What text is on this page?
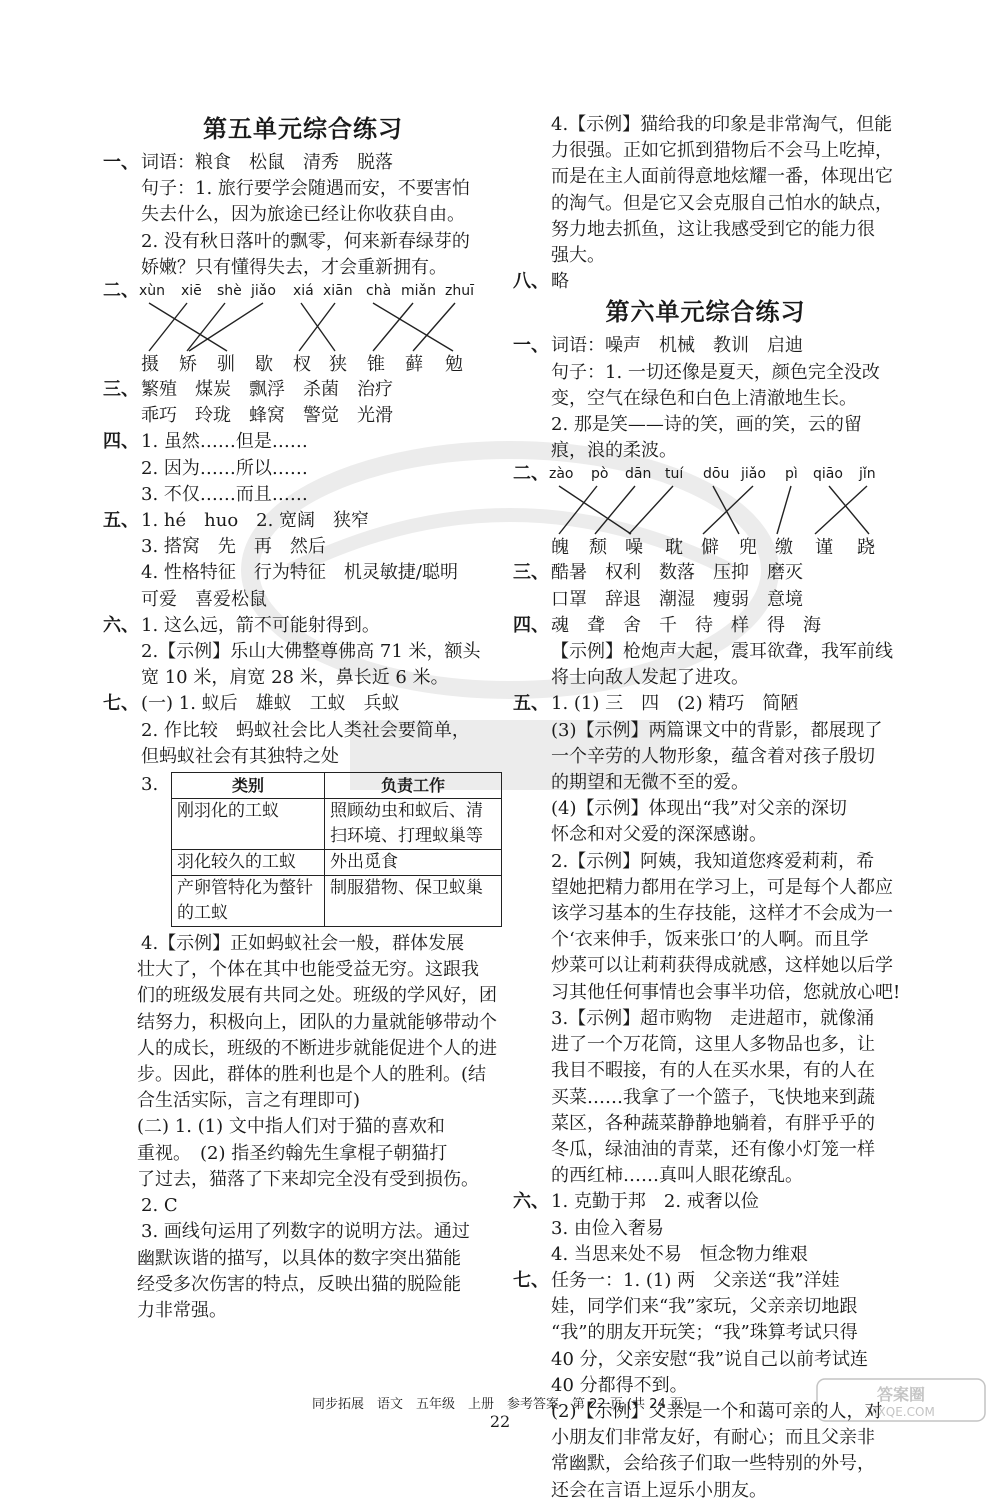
第五单元综合练习
一、 词语：粮食　松鼠　清秀　脱落
句子：1. 旅行要学会随遇而安，不要害怕
失去什么，因为旅途已经让你收获自由。
2. 没有秋日落叶的飘零，何来新春绿芽的
娇嫩？只有懂得失去，才会重新拥有。
二、 xùn xiē shè jiǎo xiá xiān chà miǎn zhuī
摄 矫 驯 歇 杈 狭 锥 藓 勉
三、 繁殖　煤炭　飘浮　杀菌　治疗
乖巧　玲珑　蜂窝　警觉　光滑
四、 1. 虽然……但是……
2. 因为……所以……
3. 不仅……而且……
五、 1. hé　huo　2. 宽阔　狭窄
3. 搭窝　先　再　然后
4. 性格特征　行为特征　机灵敏捷/聪明
可爱　喜爱松鼠
六、 1. 这么远，箭不可能射得到。
2.【示例】乐山大佛整尊佛高 71 米，额头
宽 10 米，肩宽 28 米，鼻长近 6 米。
七、 (一) 1. 蚁后　雄蚁　工蚁　兵蚁
2. 作比较　蚂蚁社会比人类社会要简单，
但蚂蚁社会有其独特之处
3.	类别	负责工作
刚羽化的工蚁	照顾幼虫和蚁后、清扫环境、打理蚁巢等
羽化较久的工蚁	外出觅食
产卵管特化为螫针的工蚁	制服猎物、保卫蚁巢
4.【示例】正如蚂蚁社会一般，群体发展
壮大了，个体在其中也能受益无穷。这跟我
们的班级发展有共同之处。班级的学风好，团
结努力，积极向上，团队的力量就能够带动个
人的成长，班级的不断进步就能促进个人的进
步。因此，群体的胜利也是个人的胜利。(结
合生活实际，言之有理即可)
(二) 1. (1) 文中指人们对于猫的喜欢和
重视。　(2) 指圣约翰先生拿棍子朝猫打
了过去，猫落了下来却完全没有受到损伤。
2. C
3. 画线句运用了列数字的说明方法。通过
幽默诙谐的描写，以具体的数字突出猫能
经受多次伤害的特点，反映出猫的脱险能
力非常强。
4.【示例】猫给我的印象是非常淘气，但能
力很强。正如它抓到猎物后不会马上吃掉，
而是在主人面前得意地炫耀一番，体现出它
的淘气。但是它又会克服自己怕水的缺点，
努力地去抓鱼，这让我感受到它的能力很
强大。
八、 略
第六单元综合练习
一、 词语：噪声　机械　教训　启迪
句子：1. 一切还像是夏天，颜色完全没改
变，空气在绿色和白色上清澈地生长。
2. 那是笑——诗的笑，画的笑，云的留
痕，浪的柔波。
二、 zào pò dān tuí dōu jiǎo pì qiāo jǐn
魄 颓 噪 耽 僻 兜 缴 谨 跷
三、 酷暑　权利　数落　压抑　磨灭
口罩　辞退　潮湿　瘦弱　意境
四、 魂　聋　舍　千　待　样　得　海
【示例】枪炮声大起，震耳欲聋，我军前线
将士向敌人发起了进攻。
五、 1. (1) 三　四　(2) 精巧　简陋
(3)【示例】两篇课文中的背影，都展现了
一个辛劳的人物形象，蕴含着对孩子殷切
的期望和无微不至的爱。
(4)【示例】体现出“我”对父亲的深切
怀念和对父爱的深深感谢。
2.【示例】阿姨，我知道您疼爱莉莉，希
望她把精力都用在学习上，可是每个人都应
该学习基本的生存技能，这样才不会成为一
个‘衣来伸手，饭来张口’的人啊。而且学
炒菜可以让莉莉获得成就感，这样她以后学
习其他任何事情也会事半功倍，您就放心吧!
3.【示例】超市购物　走进超市，就像涌
进了一个万花筒，这里人多物品也多，让
我目不暇接，有的人在买水果，有的人在
买菜……我拿了一个篮子，飞快地来到蔬
菜区，各种蔬菜静静地躺着，有胖乎乎的
冬瓜，绿油油的青菜，还有像小灯笼一样
的西红柿……真叫人眼花缭乱。
六、 1. 克勤于邦　2. 戒奢以俭
3. 由俭入奢易
4. 当思来处不易　恒念物力维艰
七、 任务一：1. (1) 两　父亲送“我”洋娃
娃，同学们来“我”家玩，父亲亲切地跟
“我”的朋友开玩笑；“我”珠算考试只得
40 分，父亲安慰“我”说自己以前考试连
40 分都得不到。
(2)【示例】父亲是一个和蔼可亲的人，对
小朋友们非常友好，有耐心；而且父亲非
常幽默，会给孩子们取一些特别的外号，
还会在言语上逗乐小朋友。
同步拓展　语文　五年级　上册　参考答案　第 22 页 (共 24 页)
22
答案圈
MXQE.COM
